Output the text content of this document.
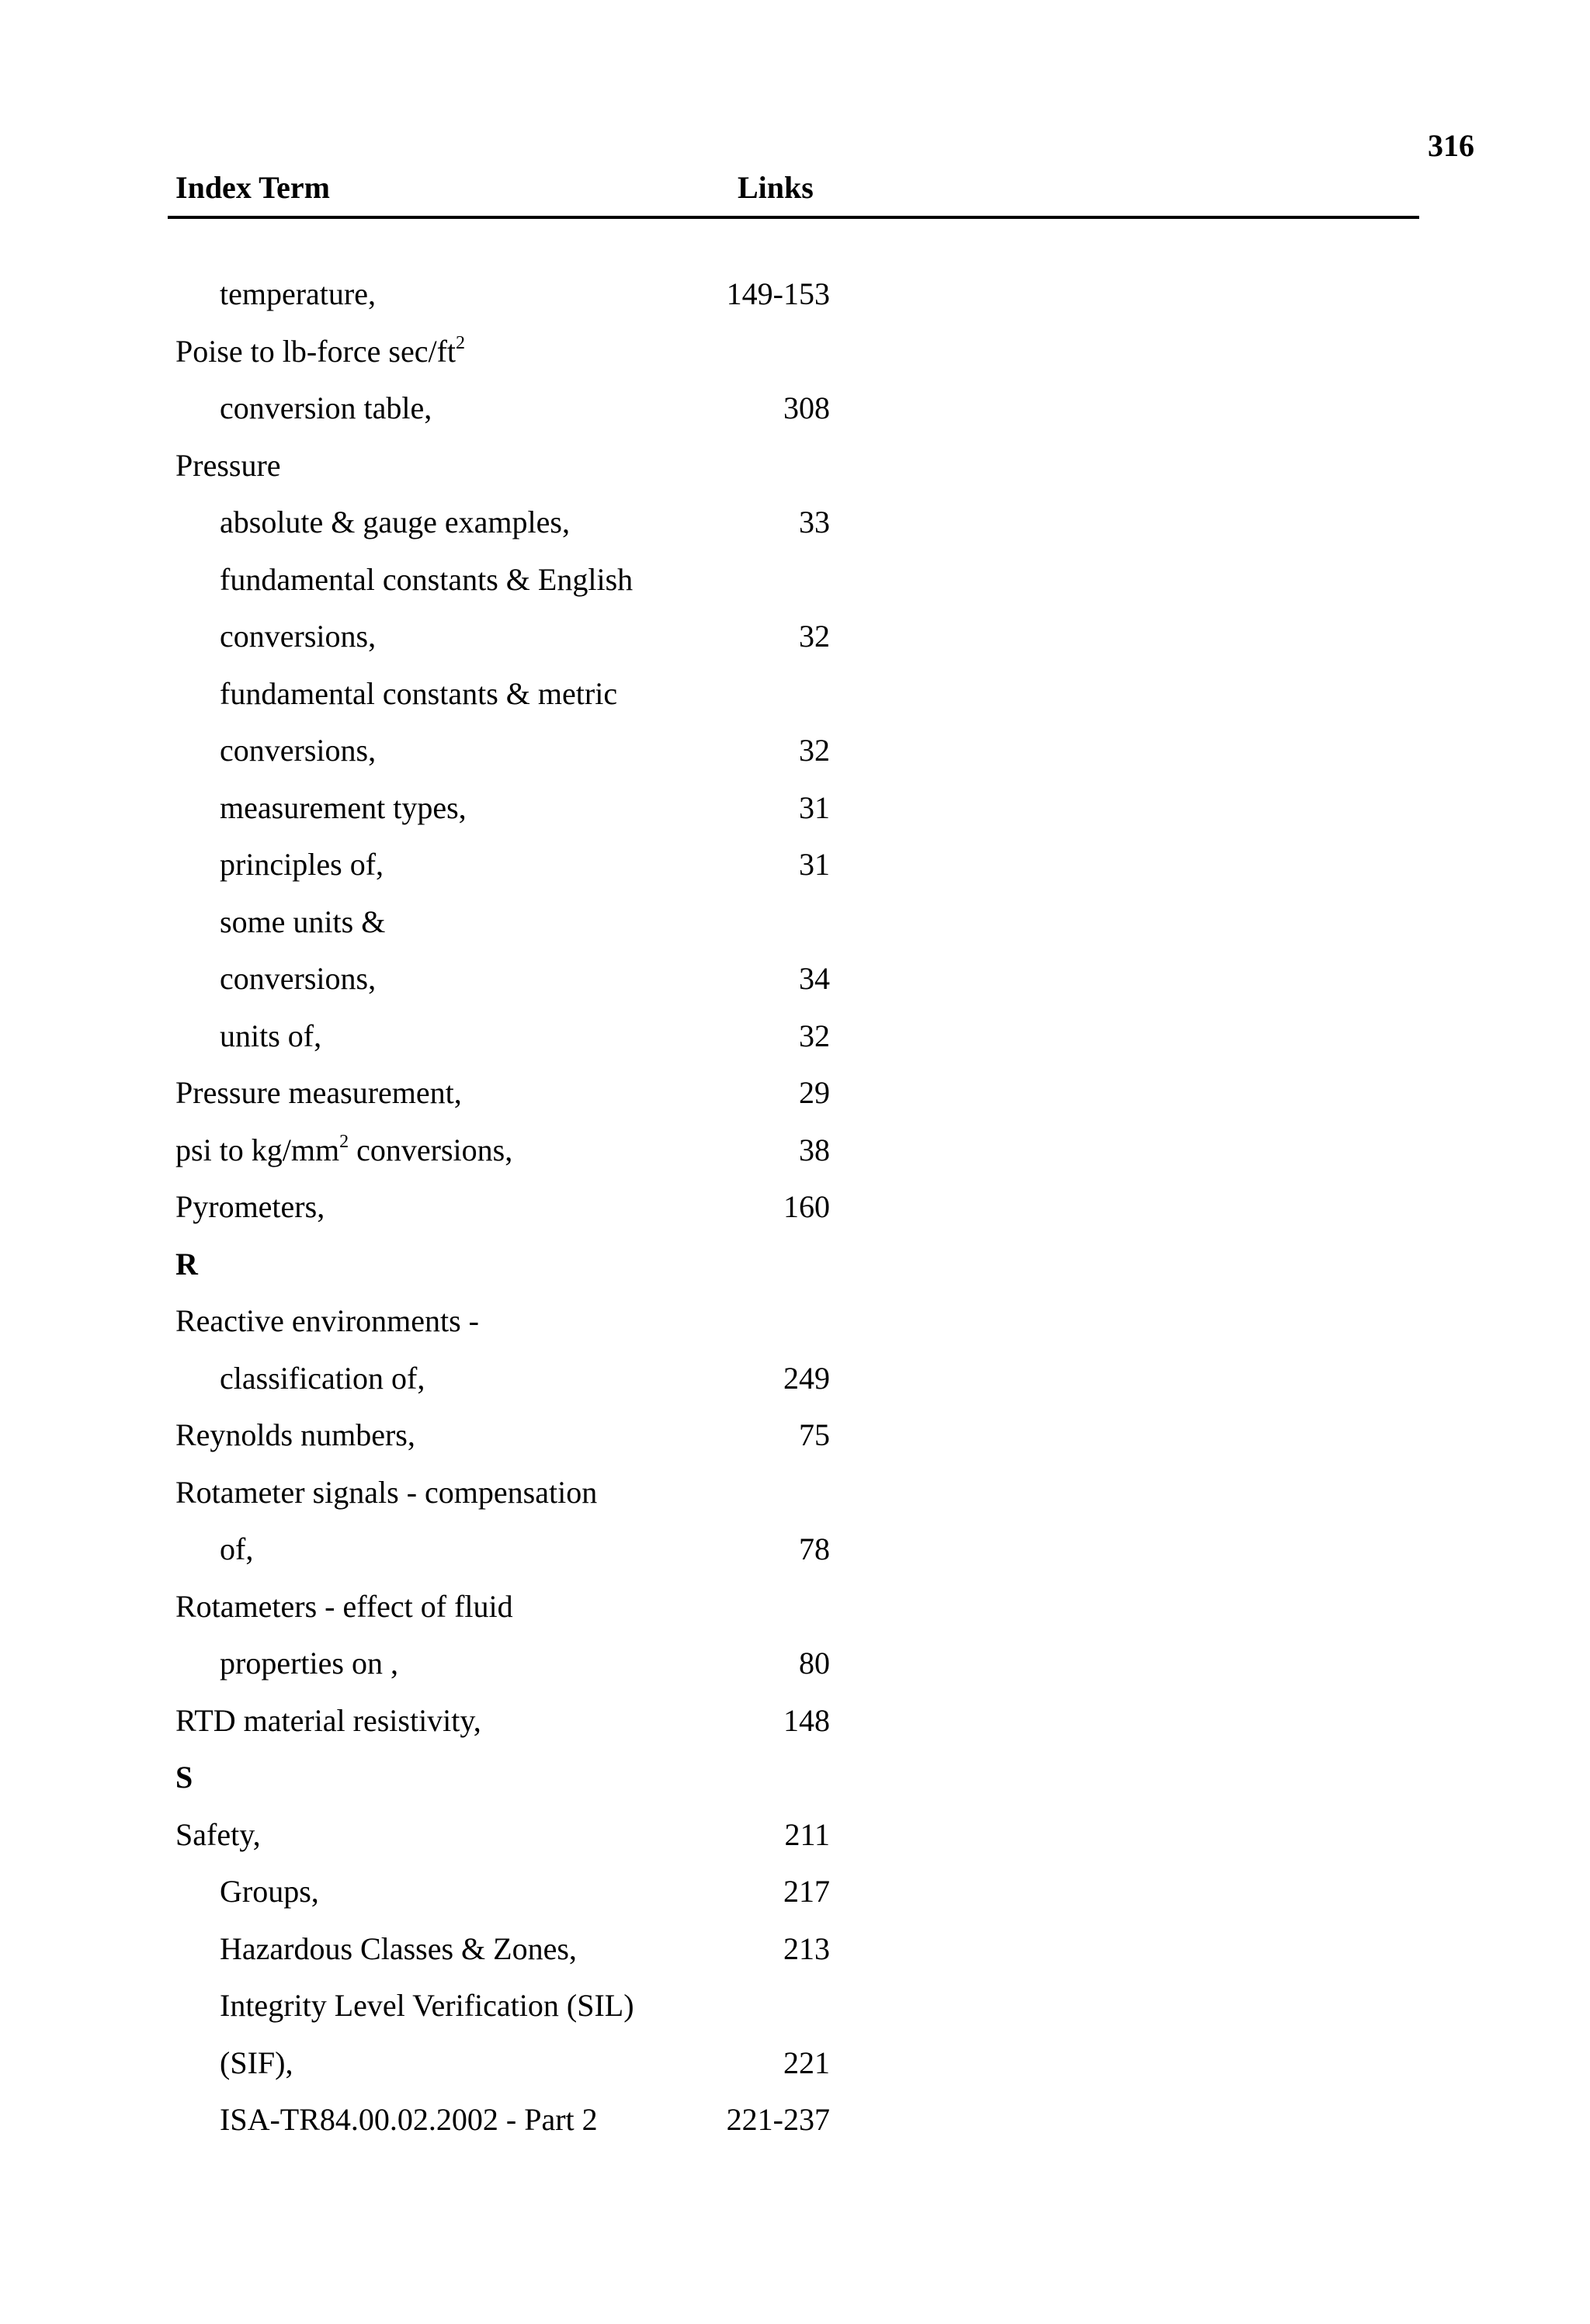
316
Index Term	Links
temperature,	149-153
Poise to lb-force $\sec/ft^2$
conversion table,	308
Pressure
absolute & gauge examples,	33
fundamental constants & English
conversions,	32
fundamental constants & metric
conversions,	32
measurement types,	31
principles of,	31
some units &
conversions,	34
units of,	32
Pressure measurement,	29
psi to $kg/mm^2$ conversions,	38
Pyrometers,	160
R
Reactive environments -
classification of,	249
Reynolds numbers,	75
Rotameter signals - compensation
of,	78
Rotameters - effect of fluid
properties on ,	80
RTD material resistivity,	148
S
Safety,	211
Groups,	217
Hazardous Classes & Zones,	213
Integrity Level Verification (SIL)
(SIF),	221
ISA-TR84.00.02.2002 - Part 2	221-237
